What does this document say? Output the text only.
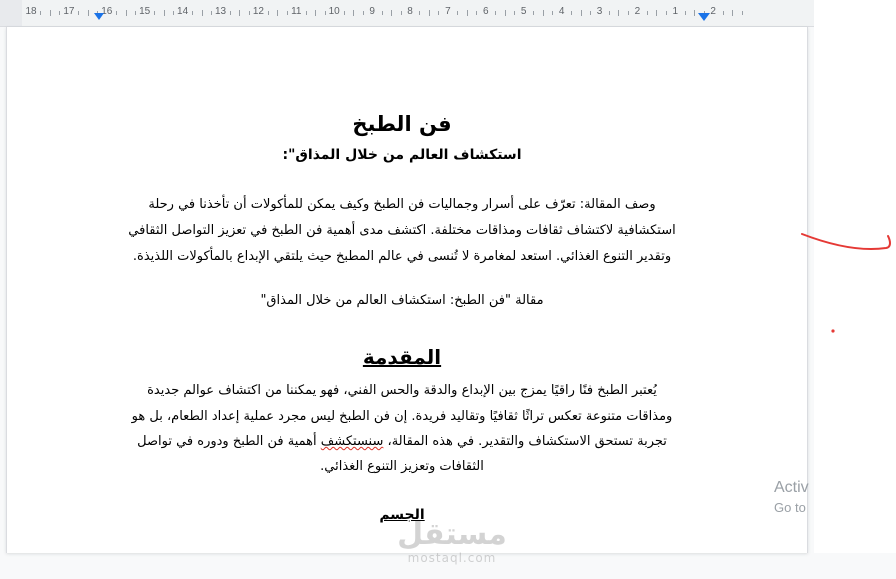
18	17	16	15	14	13	12	11	10	9	8	7	6	5	4	3	2	1	2
فن الطبخ
استكشاف العالم من خلال المذاق":
وصف المقالة: تعرّف على أسرار وجماليات فن الطبخ وكيف يمكن للمأكولات أن تأخذنا في رحلة
استكشافية لاكتشاف ثقافات ومذاقات مختلفة. اكتشف مدى أهمية فن الطبخ في تعزيز التواصل الثقافي
وتقدير التنوع الغذائي. استعد لمغامرة لا تُنسى في عالم المطبخ حيث يلتقي الإبداع بالمأكولات اللذيذة.
مقالة "فن الطبخ: استكشاف العالم من خلال المذاق"
المقدمة
يُعتبر الطبخ فنًا راقيًا يمزج بين الإبداع والدقة والحس الفني، فهو يمكننا من اكتشاف عوالم جديدة
ومذاقات متنوعة تعكس تراثًا ثقافيًا وتقاليد فريدة. إن فن الطبخ ليس مجرد عملية إعداد الطعام، بل هو
تجربة تستحق الاستكشاف والتقدير. في هذه المقالة، سنستكشف أهمية فن الطبخ ودوره في تواصل
الثقافات وتعزيز التنوع الغذائي.
الجسم
مستقل
mostaql.com
Activ
Go to
